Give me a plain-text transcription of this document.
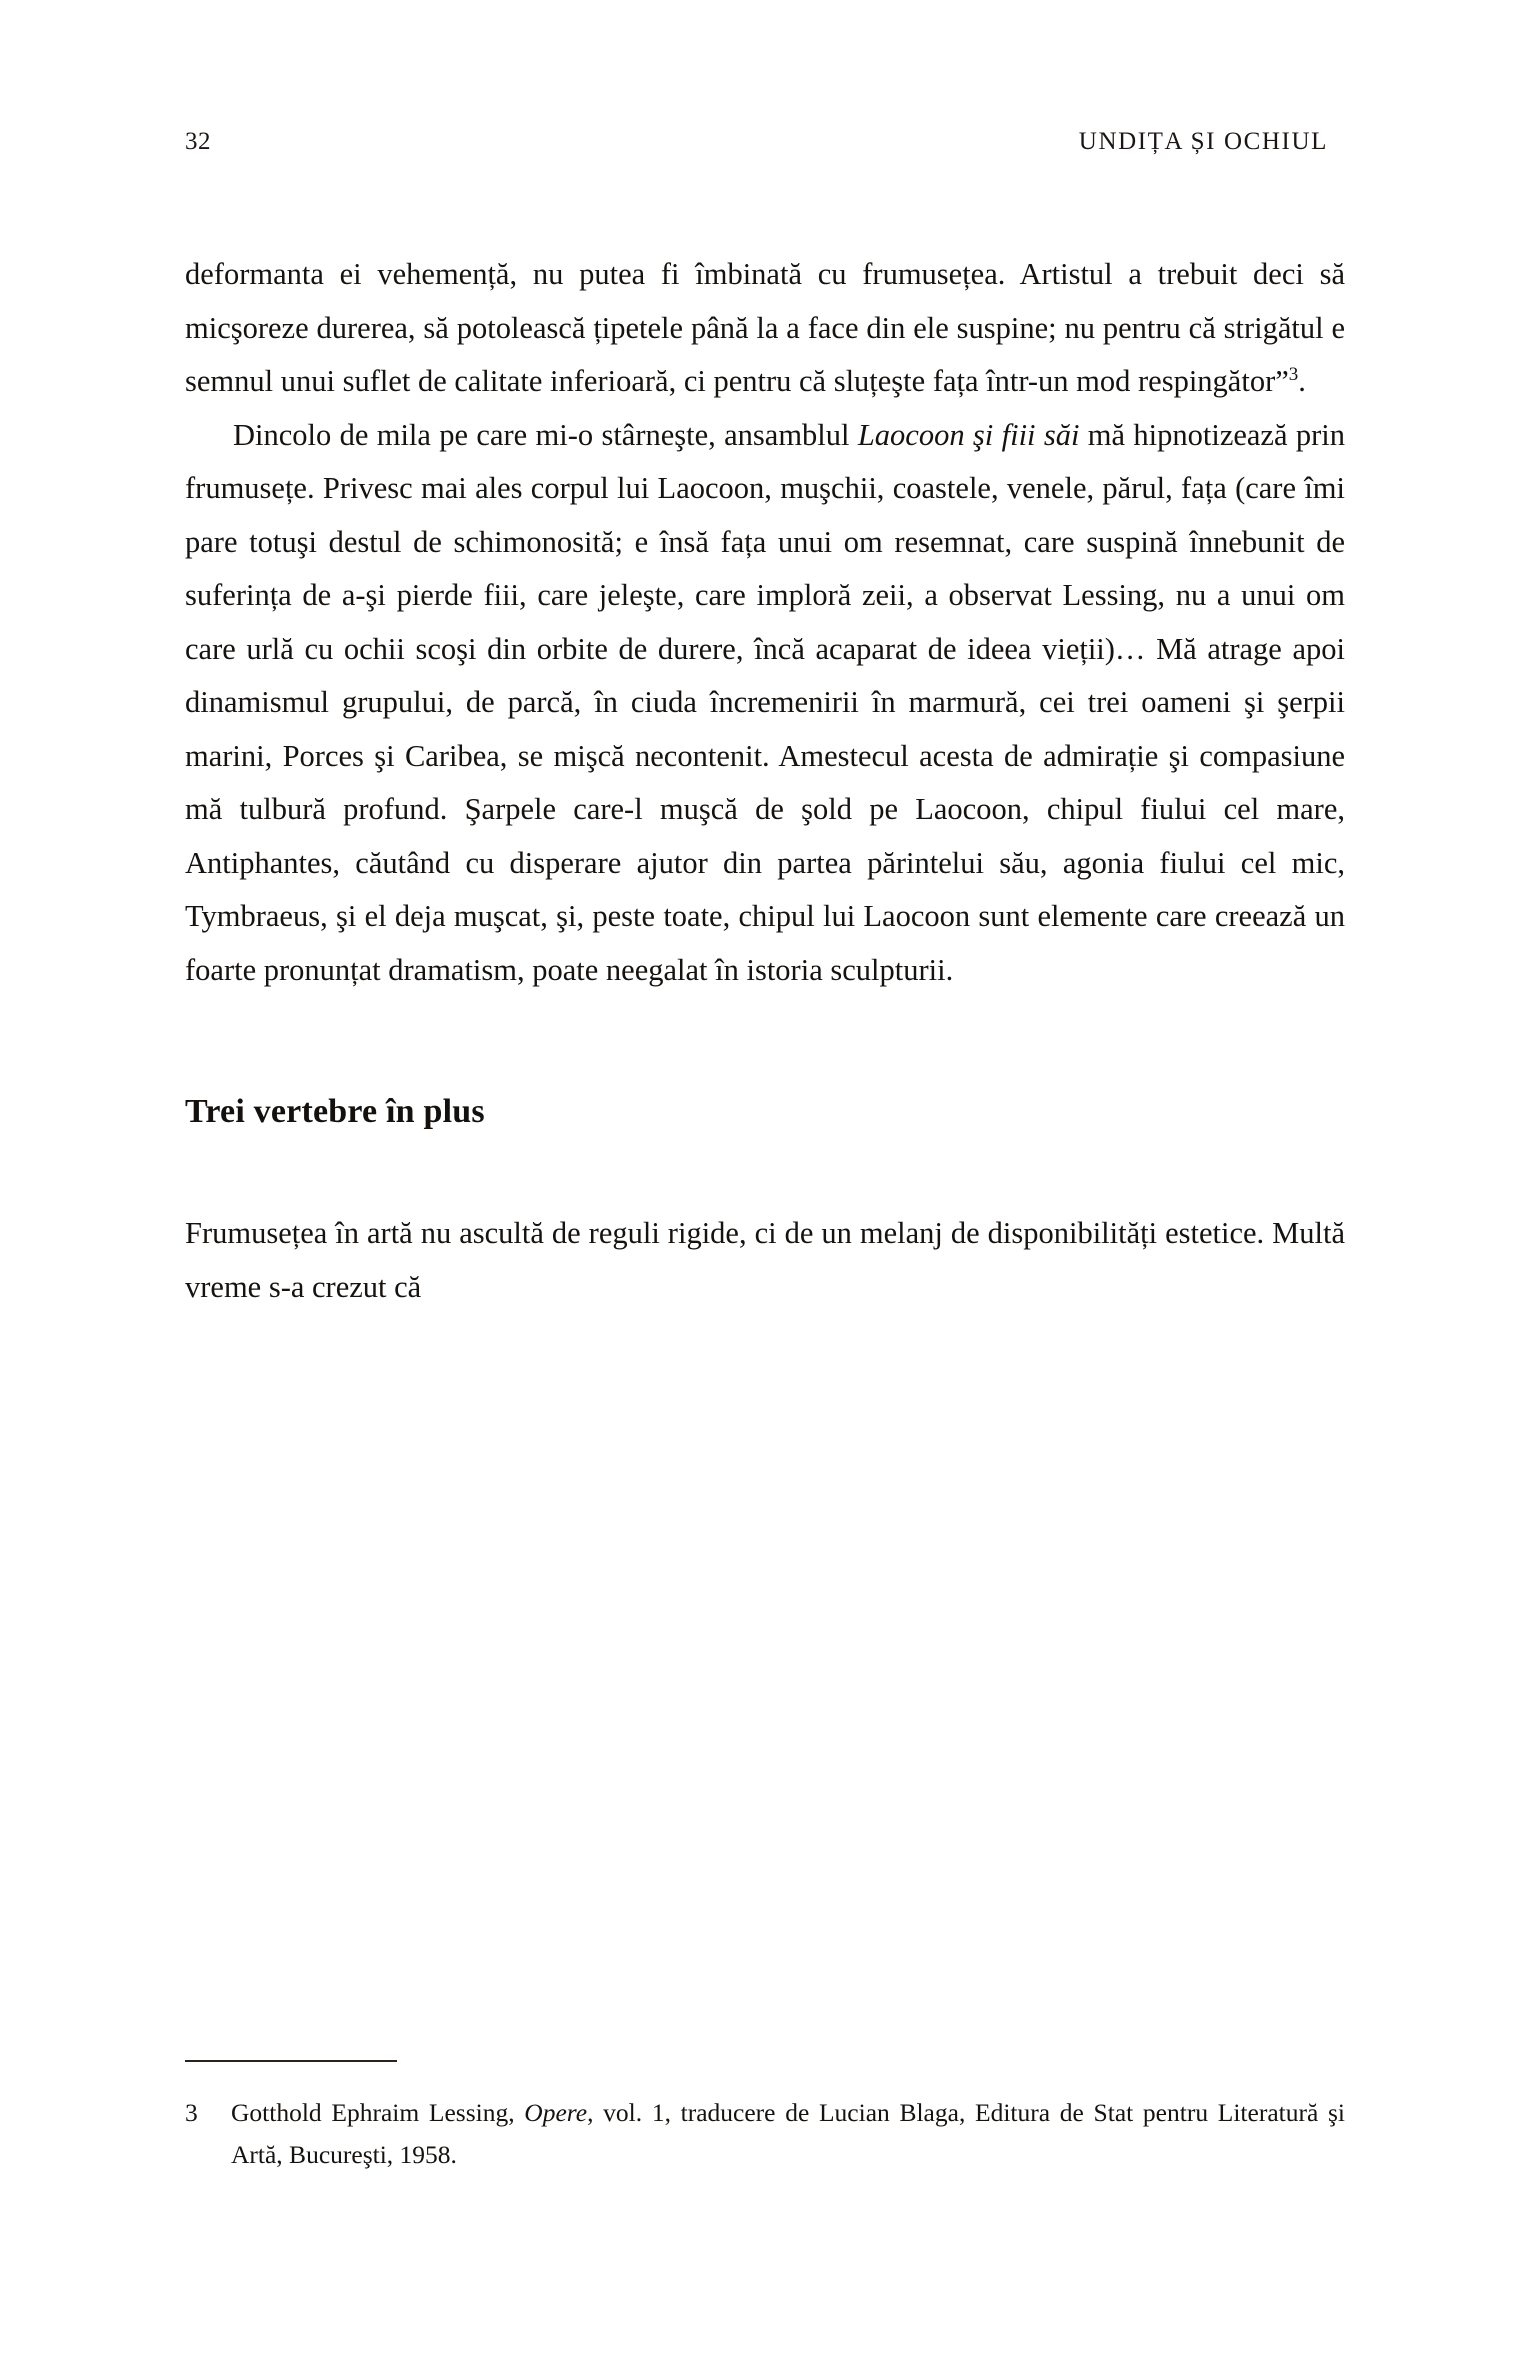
32	UNDIȚA ȘI OCHIUL

deformanta ei vehemență, nu putea fi îmbinată cu frumusețea. Artistul a trebuit deci să micşoreze durerea, să potolească țipetele până la a face din ele suspine; nu pentru că strigătul e semnul unui suflet de calitate inferioară, ci pentru că sluțeşte fața într-un mod respingător”$^3$.

Dincolo de mila pe care mi-o stârneşte, ansamblul Laocoon şi fiii săi mă hipnotizează prin frumusețe. Privesc mai ales corpul lui Laocoon, muşchii, coastele, venele, părul, fața (care îmi pare totuşi destul de schimonosită; e însă fața unui om resemnat, care suspină înnebunit de suferința de a-şi pierde fiii, care jeleşte, care imploră zeii, a observat Lessing, nu a unui om care urlă cu ochii scoşi din orbite de durere, încă acaparat de ideea vieții)… Mă atrage apoi dinamismul grupului, de parcă, în ciuda încremenirii în marmură, cei trei oameni şi şerpii marini, Porces şi Caribea, se mişcă necontenit. Amestecul acesta de admirație şi compasiune mă tulbură profund. Şarpele care-l muşcă de şold pe Laocoon, chipul fiului cel mare, Antiphantes, căutând cu disperare ajutor din partea părintelui său, agonia fiului cel mic, Tymbraeus, şi el deja muşcat, şi, peste toate, chipul lui Laocoon sunt elemente care creează un foarte pronunțat dramatism, poate neegalat în istoria sculpturii.

Trei vertebre în plus

Frumusețea în artă nu ascultă de reguli rigide, ci de un melanj de disponibilități estetice. Multă vreme s-a crezut că

3	Gotthold Ephraim Lessing, Opere, vol. 1, traducere de Lucian Blaga, Editura de Stat pentru Literatură şi Artă, Bucureşti, 1958.
